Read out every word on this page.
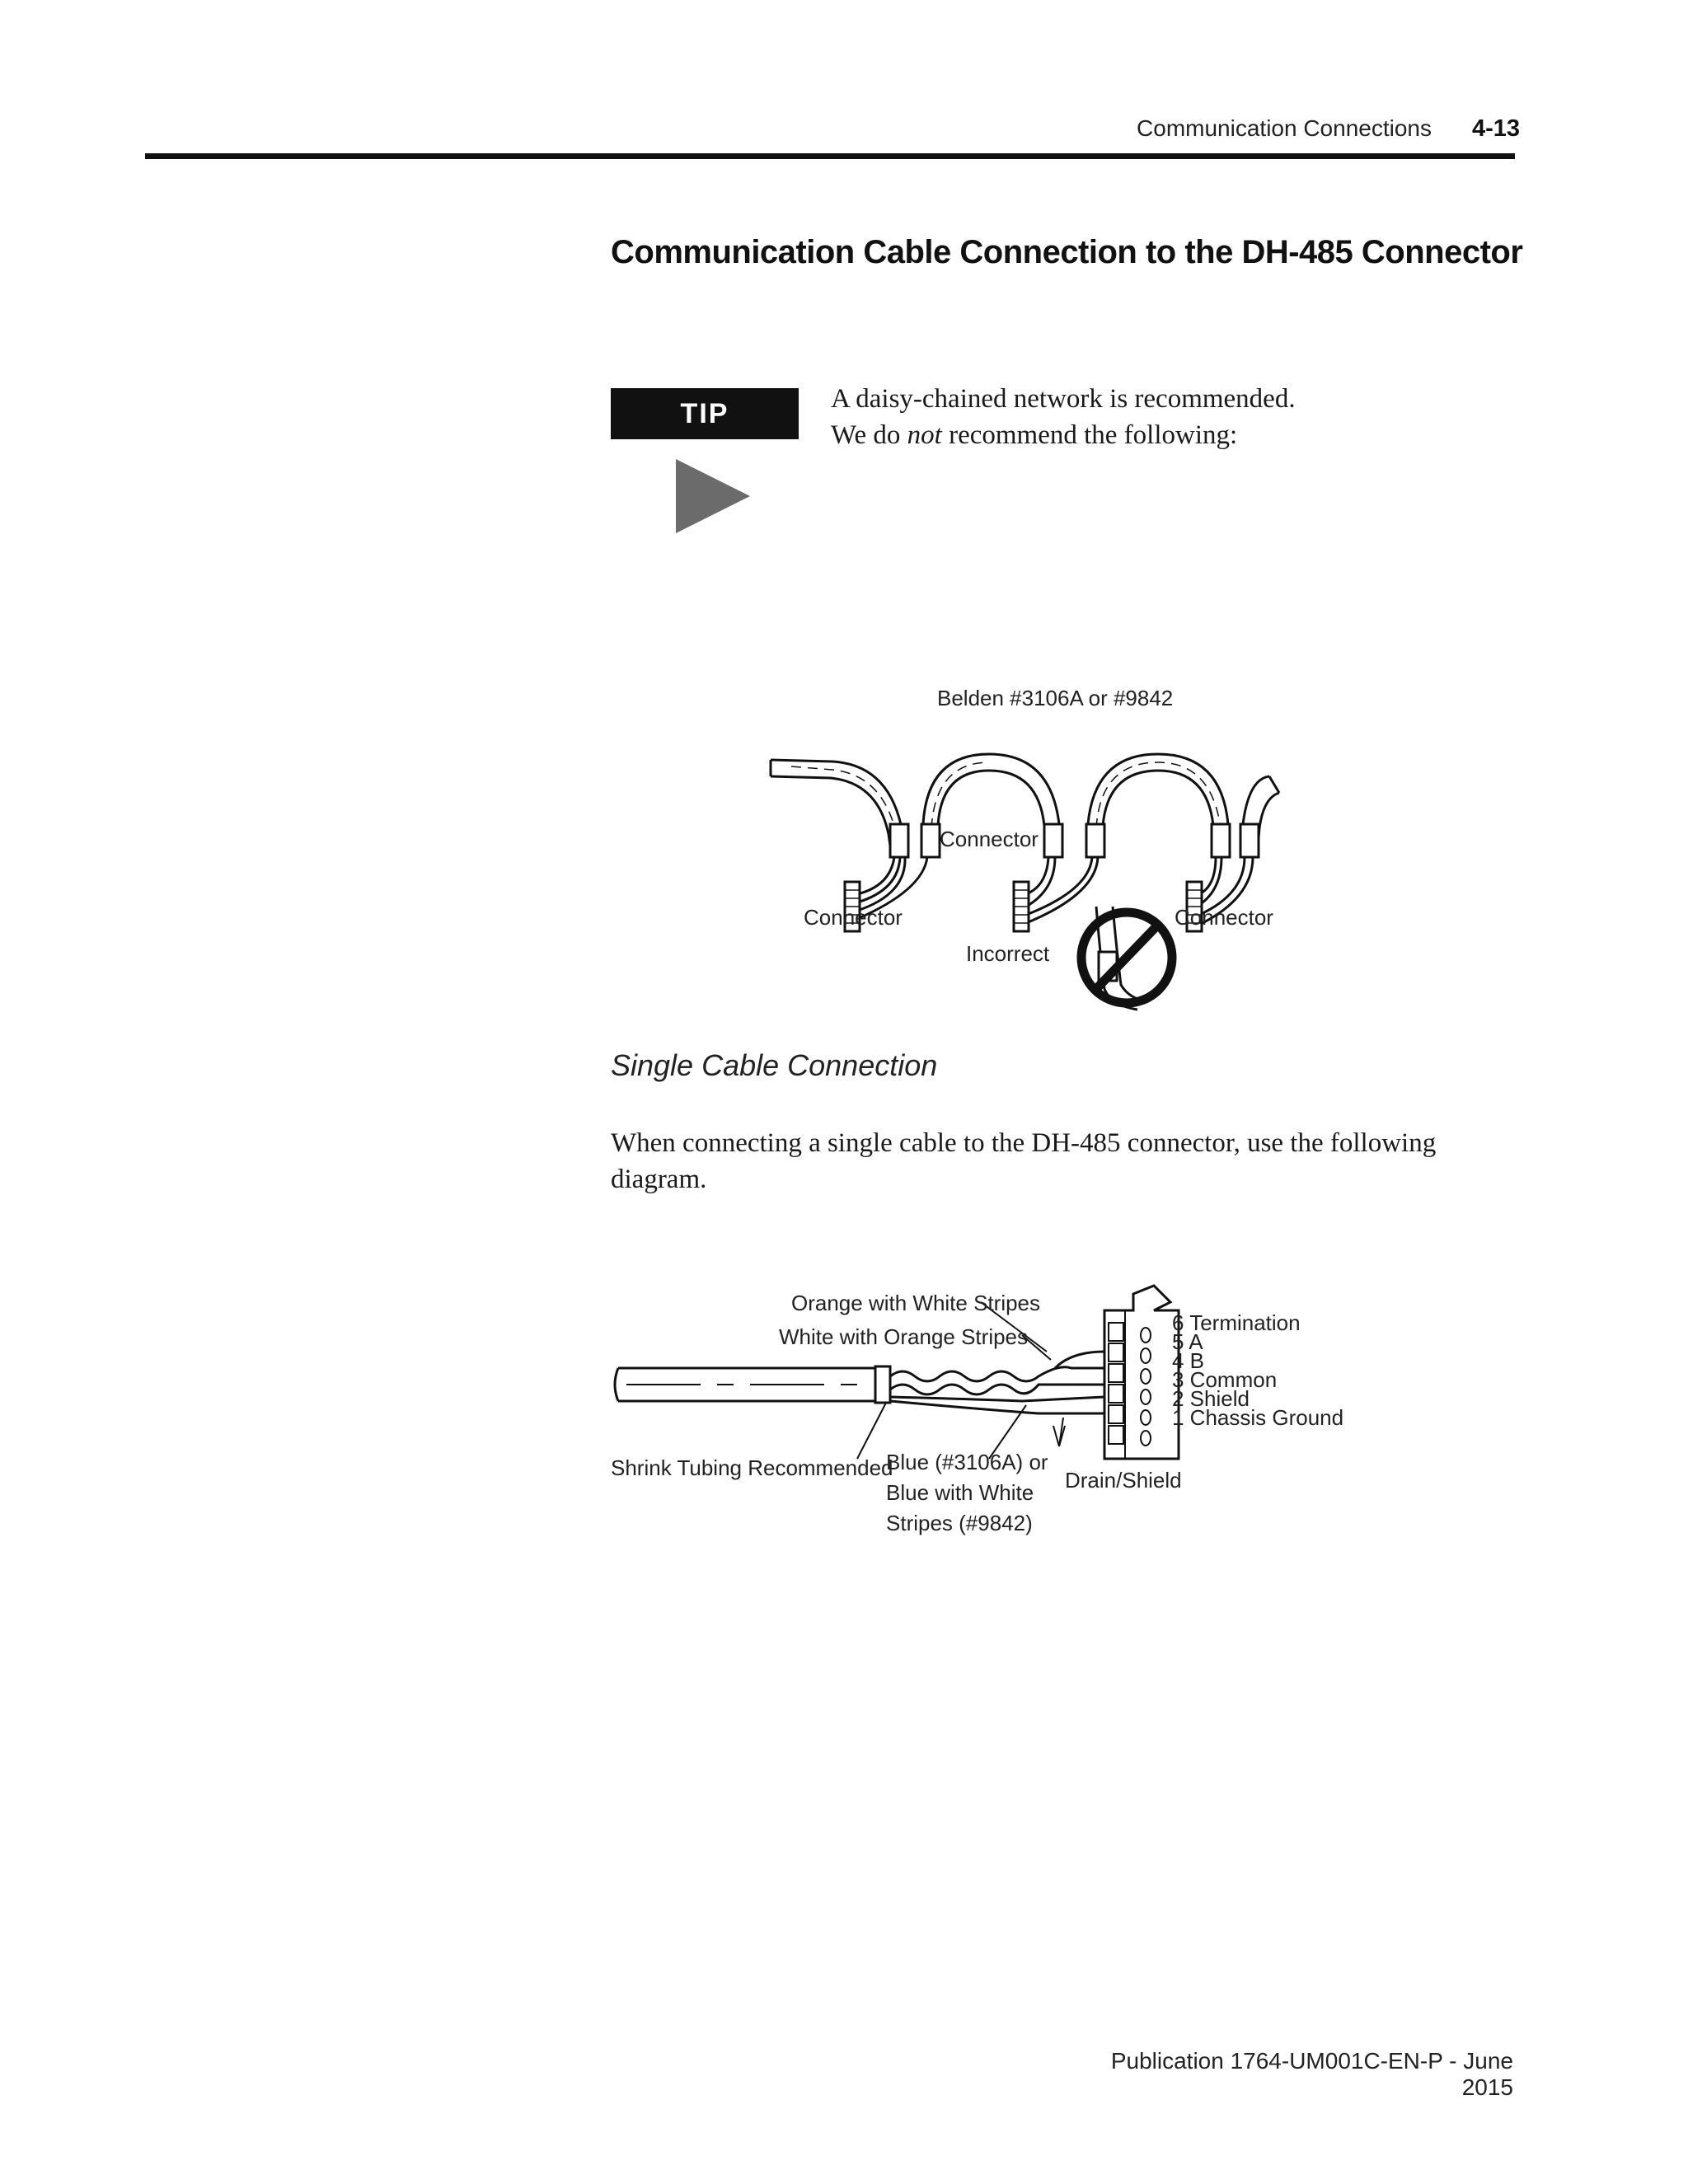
Communication Connections 4-13
Communication Cable Connection to the DH-485 Connector
TIP	A daisy-chained network is recommended.
We do not recommend the following:
Belden #3106A or #9842
Connector
Connector	Connector
Incorrect
Single Cable Connection
When connecting a single cable to the DH-485 connector, use the following diagram.
Orange with White Stripes
White with Orange Stripes
Shrink Tubing Recommended
Blue (#3106A) or
Blue with White
Stripes (#9842)
Drain/Shield
6 Termination
5 A
4 B
3 Common
2 Shield
1 Chassis Ground
Publication 1764-UM001C-EN-P - June 2015
